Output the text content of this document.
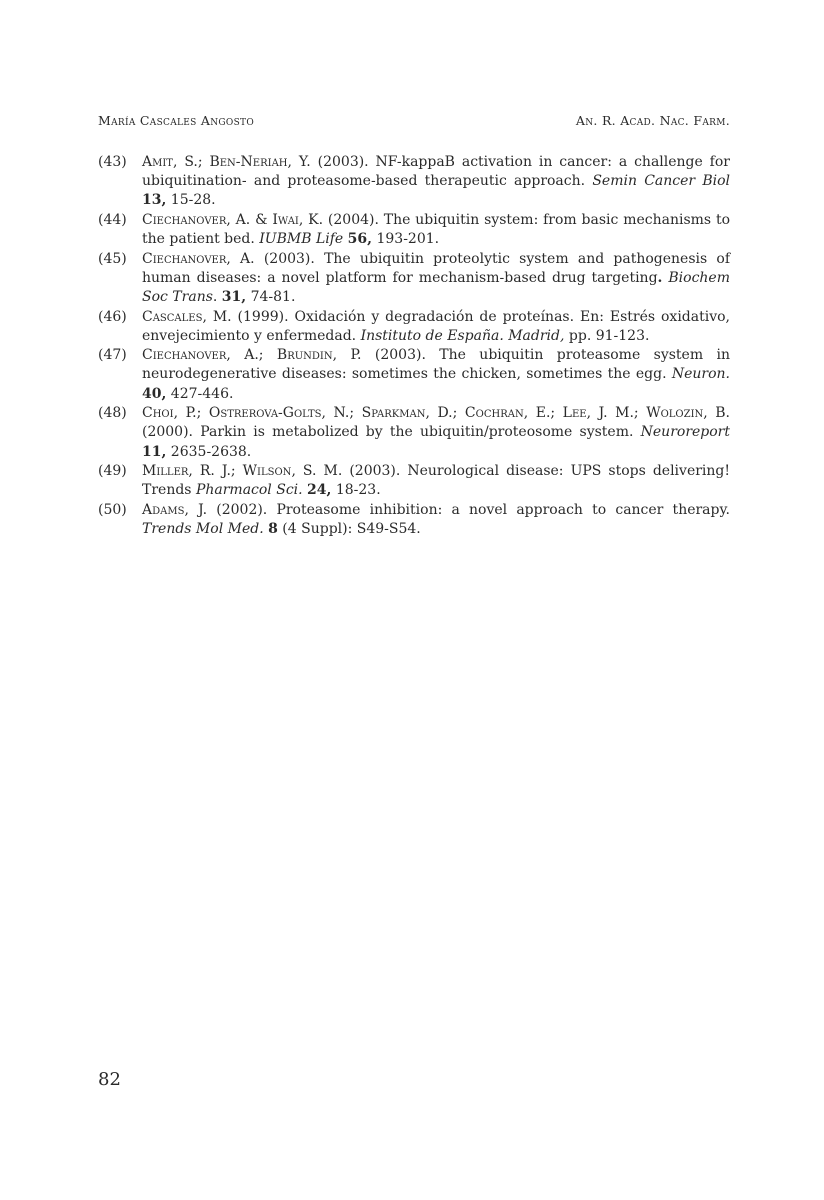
María Cascales Angosto	An. R. Acad. Nac. Farm.
(43) Amit, S.; Ben-Neriah, Y. (2003). NF-kappaB activation in cancer: a challenge for ubiquitination- and proteasome-based therapeutic approach. Semin Cancer Biol 13, 15-28.
(44) Ciechanover, A. & Iwai, K. (2004). The ubiquitin system: from basic mechanisms to the patient bed. IUBMB Life 56, 193-201.
(45) Ciechanover, A. (2003). The ubiquitin proteolytic system and pathogenesis of human diseases: a novel platform for mechanism-based drug targeting. Biochem Soc Trans. 31, 74-81.
(46) Cascales, M. (1999). Oxidación y degradación de proteínas. En: Estrés oxidativo, envejecimiento y enfermedad. Instituto de España. Madrid, pp. 91-123.
(47) Ciechanover, A.; Brundin, P. (2003). The ubiquitin proteasome system in neurodegenerative diseases: sometimes the chicken, sometimes the egg. Neuron. 40, 427-446.
(48) Choi, P.; Ostrerova-Golts, N.; Sparkman, D.; Cochran, E.; Lee, J. M.; Wolozin, B. (2000). Parkin is metabolized by the ubiquitin/proteosome system. Neuroreport 11, 2635-2638.
(49) Miller, R. J.; Wilson, S. M. (2003). Neurological disease: UPS stops delivering! Trends Pharmacol Sci. 24, 18-23.
(50) Adams, J. (2002). Proteasome inhibition: a novel approach to cancer therapy. Trends Mol Med. 8 (4 Suppl): S49-S54.
82
